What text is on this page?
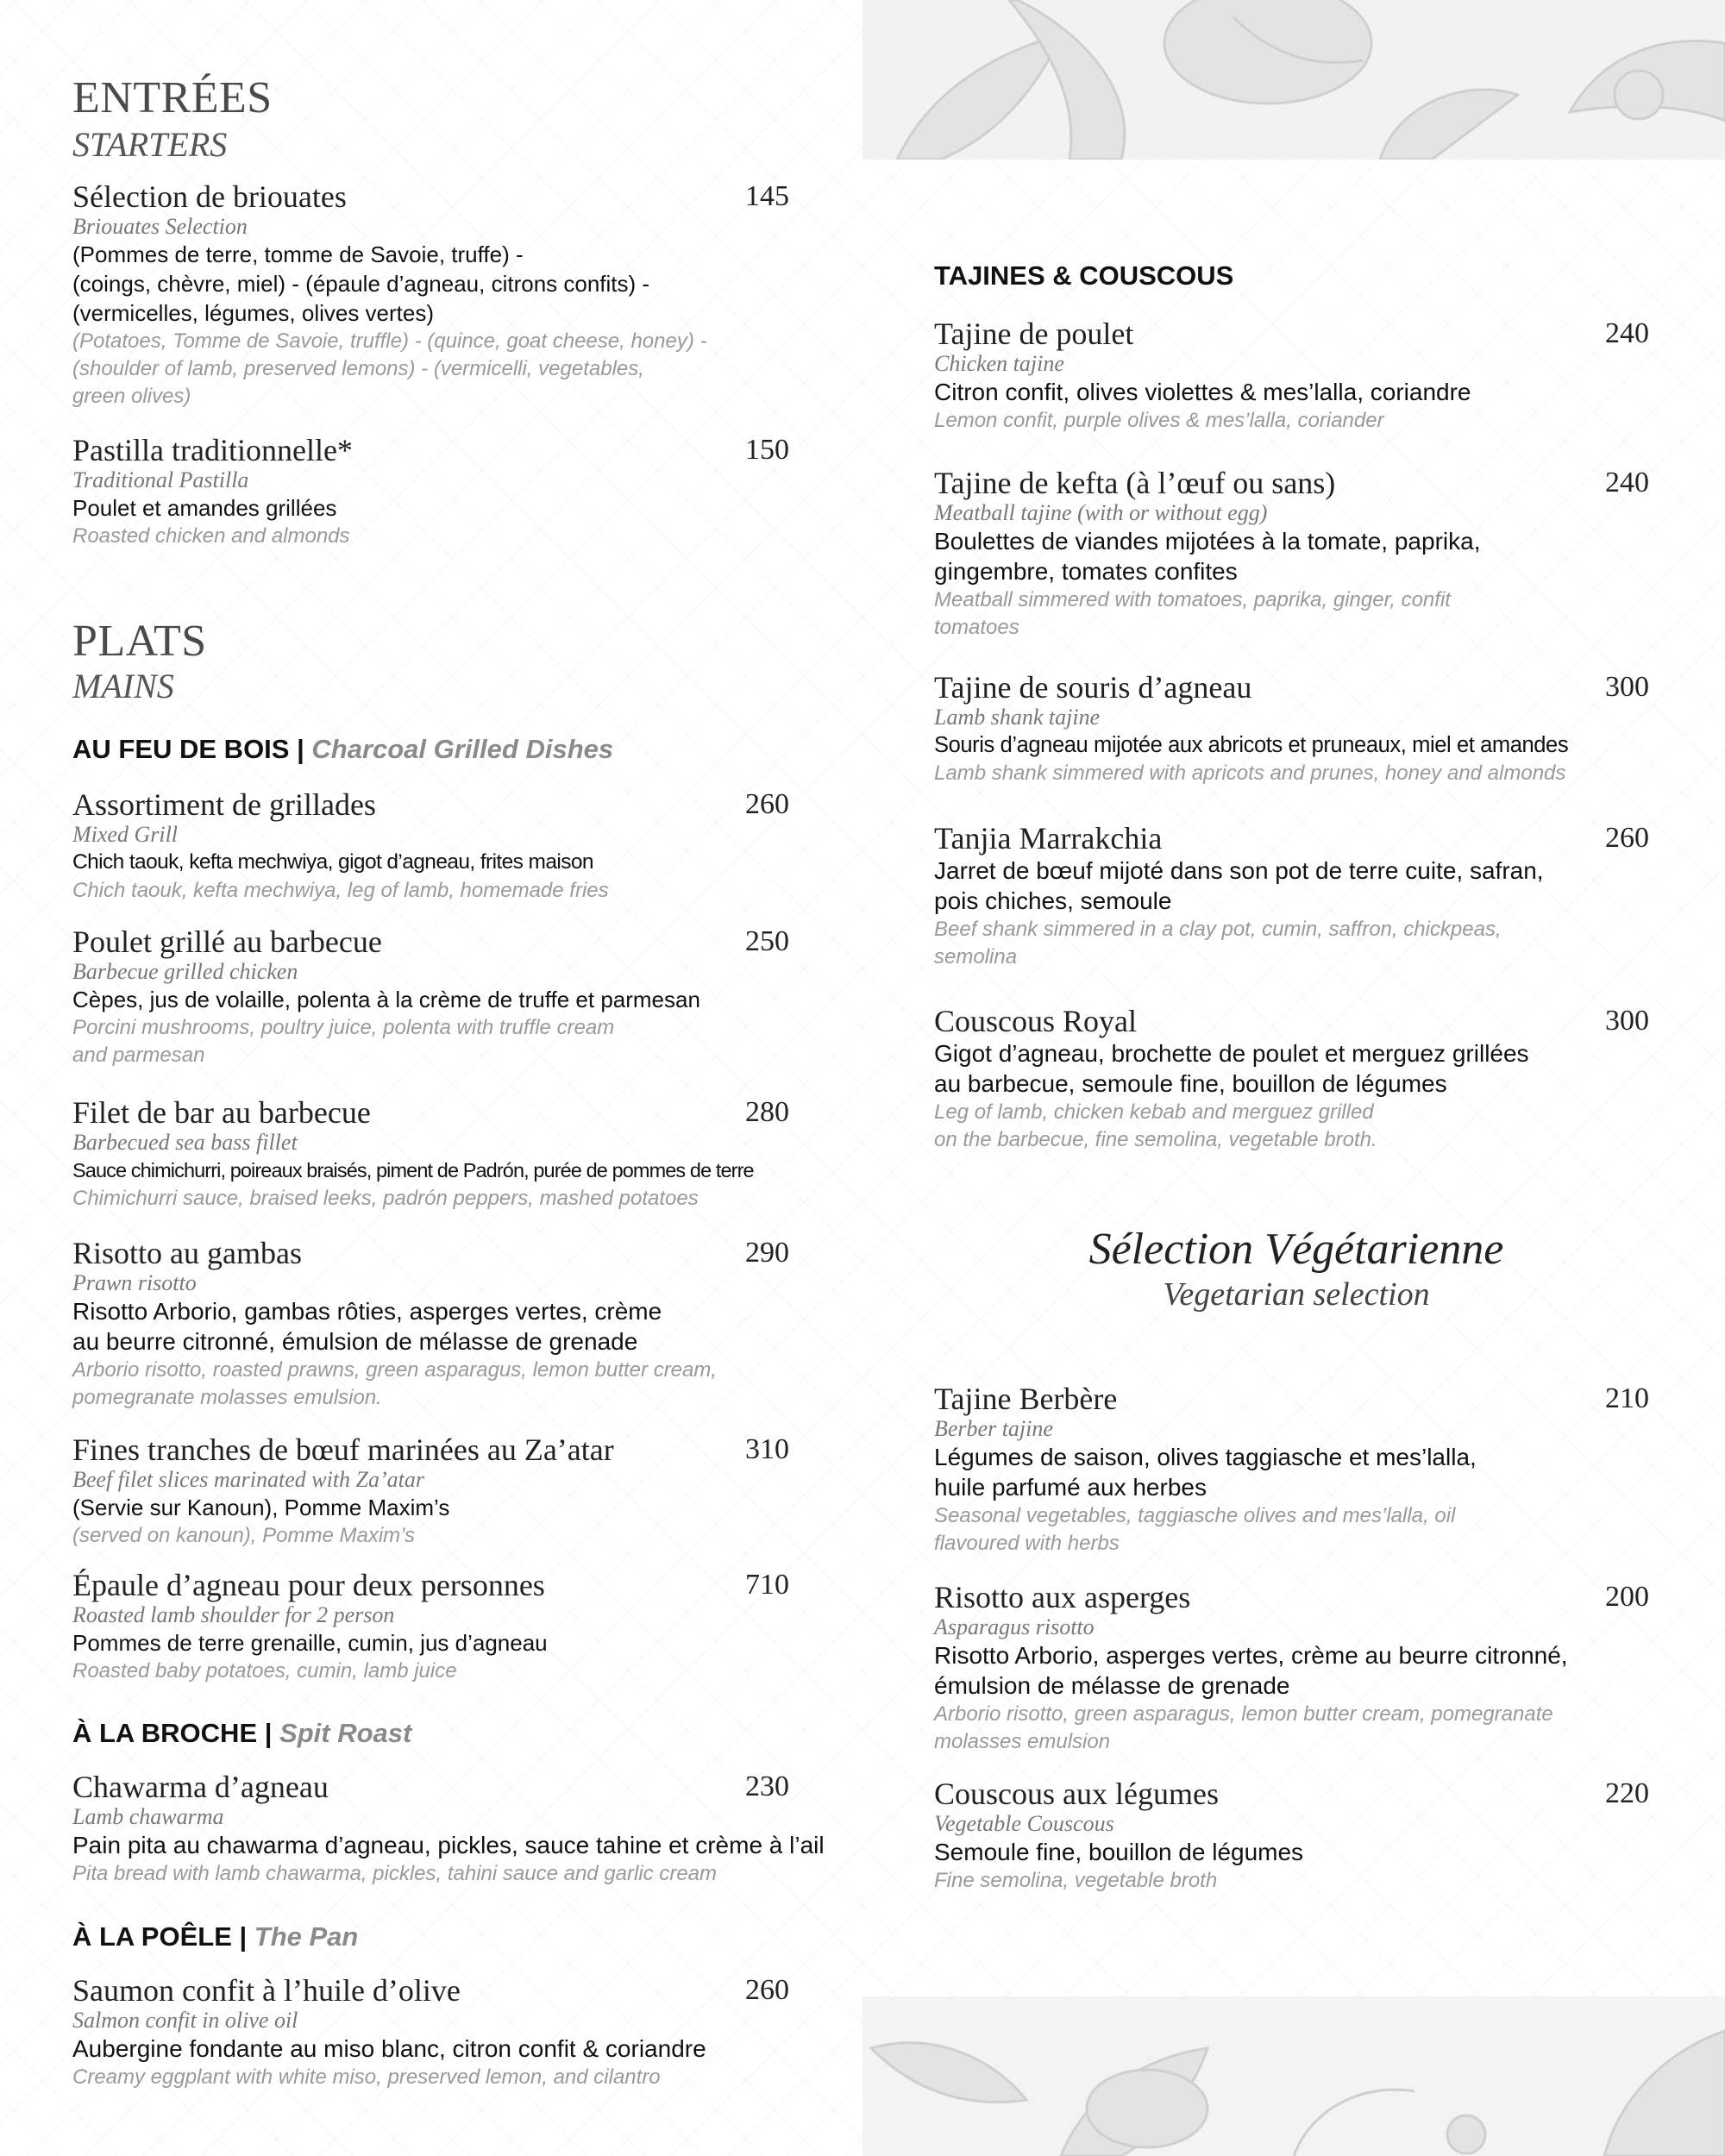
ENTRÉES
STARTERS
Sélection de briouates	145
Briouates Selection
(Pommes de terre, tomme de Savoie, truffe) -
(coings, chèvre, miel) - (épaule d’agneau, citrons confits) -
(vermicelles, légumes, olives vertes)
(Potatoes, Tomme de Savoie, truffle) - (quince, goat cheese, honey) -
(shoulder of lamb, preserved lemons) - (vermicelli, vegetables,
green olives)
Pastilla traditionnelle*	150
Traditional Pastilla
Poulet et amandes grillées
Roasted chicken and almonds
PLATS
MAINS
AU FEU DE BOIS | Charcoal Grilled Dishes
Assortiment de grillades	260
Mixed Grill
Chich taouk, kefta mechwiya, gigot d’agneau, frites maison
Chich taouk, kefta mechwiya, leg of lamb, homemade fries
Poulet grillé au barbecue	250
Barbecue grilled chicken
Cèpes, jus de volaille, polenta à la crème de truffe et parmesan
Porcini mushrooms, poultry juice, polenta with truffle cream
and parmesan
Filet de bar au barbecue	280
Barbecued sea bass fillet
Sauce chimichurri, poireaux braisés, piment de Padrón, purée de pommes de terre
Chimichurri sauce, braised leeks, padrón peppers, mashed potatoes
Risotto au gambas	290
Prawn risotto
Risotto Arborio, gambas rôties, asperges vertes, crème
au beurre citronné, émulsion de mélasse de grenade
Arborio risotto, roasted prawns, green asparagus, lemon butter cream,
pomegranate molasses emulsion.
Fines tranches de bœuf marinées au Za’atar	310
Beef filet slices marinated with Za’atar
(Servie sur Kanoun), Pomme Maxim’s
(served on kanoun), Pomme Maxim’s
Épaule d’agneau pour deux personnes	710
Roasted lamb shoulder for 2 person
Pommes de terre grenaille, cumin, jus d’agneau
Roasted baby potatoes, cumin, lamb juice
À LA BROCHE | Spit Roast
Chawarma d’agneau	230
Lamb chawarma
Pain pita au chawarma d’agneau, pickles, sauce tahine et crème à l’ail
Pita bread with lamb chawarma, pickles, tahini sauce and garlic cream
À LA POÊLE | The Pan
Saumon confit à l’huile d’olive	260
Salmon confit in olive oil
Aubergine fondante au miso blanc, citron confit & coriandre
Creamy eggplant with white miso, preserved lemon, and cilantro
TAJINES & COUSCOUS
Tajine de poulet	240
Chicken tajine
Citron confit, olives violettes & mes’lalla, coriandre
Lemon confit, purple olives & mes’lalla, coriander
Tajine de kefta (à l’œuf ou sans)	240
Meatball tajine (with or without egg)
Boulettes de viandes mijotées à la tomate, paprika,
gingembre, tomates confites
Meatball simmered with tomatoes, paprika, ginger, confit
tomatoes
Tajine de souris d’agneau	300
Lamb shank tajine
Souris d’agneau mijotée aux abricots et pruneaux, miel et amandes
Lamb shank simmered with apricots and prunes, honey and almonds
Tanjia Marrakchia	260
Jarret de bœuf mijoté dans son pot de terre cuite, safran,
pois chiches, semoule
Beef shank simmered in a clay pot, cumin, saffron, chickpeas,
semolina
Couscous Royal	300
Gigot d’agneau, brochette de poulet et merguez grillées
au barbecue, semoule fine, bouillon de légumes
Leg of lamb, chicken kebab and merguez grilled
on the barbecue, fine semolina, vegetable broth.
Sélection Végétarienne
Vegetarian selection
Tajine Berbère	210
Berber tajine
Légumes de saison, olives taggiasche et mes’lalla,
huile parfumé aux herbes
Seasonal vegetables, taggiasche olives and mes’lalla, oil
flavoured with herbs
Risotto aux asperges	200
Asparagus risotto
Risotto Arborio, asperges vertes, crème au beurre citronné,
émulsion de mélasse de grenade
Arborio risotto, green asparagus, lemon butter cream, pomegranate
molasses emulsion
Couscous aux légumes	220
Vegetable Couscous
Semoule fine, bouillon de légumes
Fine semolina, vegetable broth
